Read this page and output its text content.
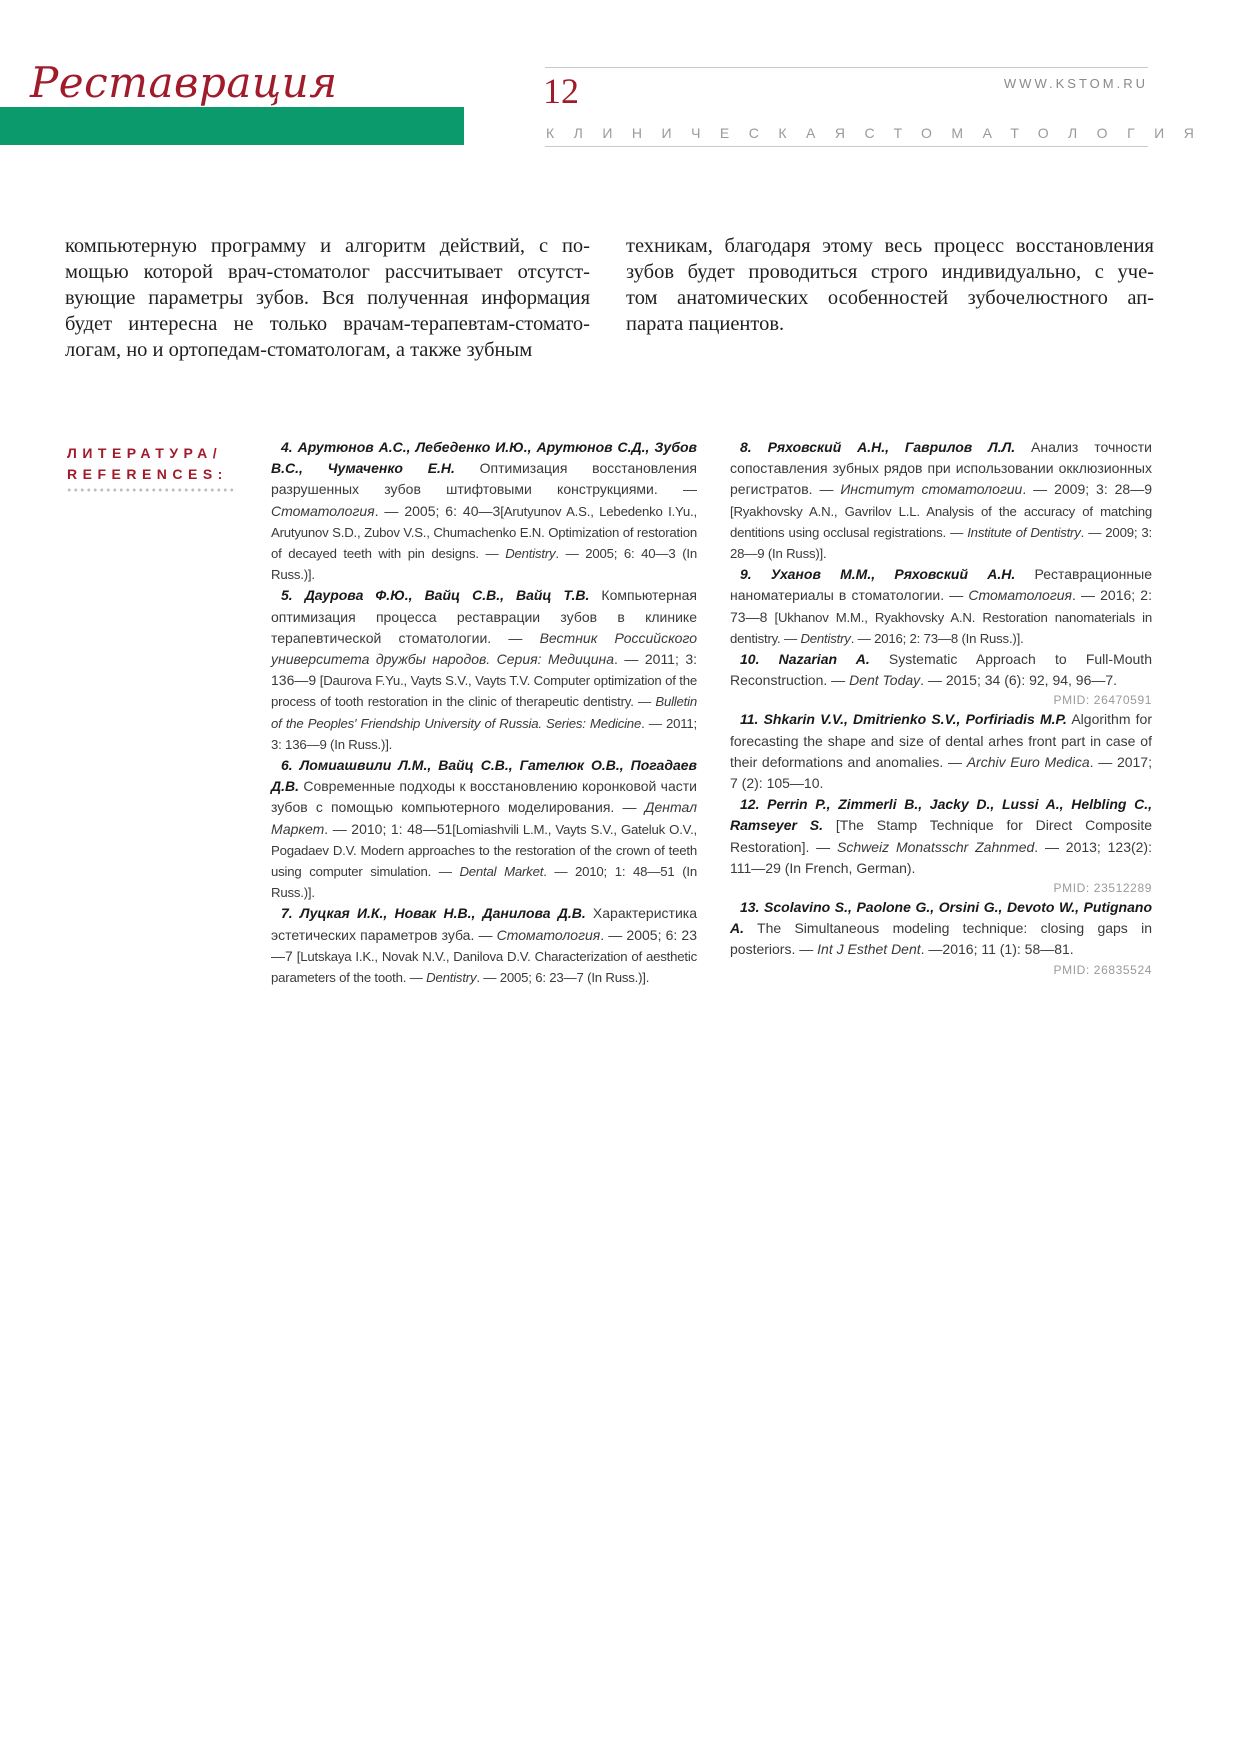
Реставрация	12	WWW.KSTOM.RU
КЛИНИЧЕСКАЯ СТОМАТОЛОГИЯ
компьютерную программу и алгоритм действий, с по-
мощью которой врач-стоматолог рассчитывает отсутст-
вующие параметры зубов. Вся полученная информация
будет интересна не только врачам-терапевтам-стомато-
логам, но и ортопедам-стоматологам, а также зубным
техникам, благодаря этому весь процесс восстановления
зубов будет проводиться строго индивидуально, с уче-
том анатомических особенностей зубочелюстного ап-
парата пациентов.
ЛИТЕРАТУРА/
REFERENCES:

4. Арутюнов А.С., Лебеденко И.Ю., Арутюнов С.Д., Зубов В.С., Чумаченко Е.Н. Оптимизация восстановления разрушенных зубов штифтовыми конструкциями. — Стоматология. — 2005; 6: 40—3[Arutyunov A.S., Lebedenko I.Yu., Arutyunov S.D., Zubov V.S., Chumachenko E.N. Optimization of restoration of decayed teeth with pin designs. — Dentistry. — 2005; 6: 40—3 (In Russ.)].

5. Даурова Ф.Ю., Вайц С.В., Вайц Т.В. Компьютерная оптимизация процесса реставрации зубов в клинике терапевтической стоматологии. — Вестник Российского университета дружбы народов. Серия: Медицина. — 2011; 3: 136—9 [Daurova F.Yu., Vayts S.V., Vayts T.V. Computer optimization of the process of tooth restoration in the clinic of therapeutic dentistry. — Bulletin of the Peoples' Friendship University of Russia. Series: Medicine. — 2011; 3: 136—9 (In Russ.)].

6. Ломиашвили Л.М., Вайц С.В., Гателюк О.В., Погадаев Д.В. Современные подходы к восстановлению коронковой части зубов с помощью компьютерного моделирования. — Дентал Маркет. — 2010; 1: 48—51[Lomiashvili L.M., Vayts S.V., Gateluk O.V., Pogadaev D.V. Modern approaches to the restoration of the crown of teeth using computer simulation. — Dental Market. — 2010; 1: 48—51 (In Russ.)].

7. Луцкая И.К., Новак Н.В., Данилова Д.В. Характеристика эстетических параметров зуба. — Стоматология. — 2005; 6: 23—7 [Lutskaya I.K., Novak N.V., Danilova D.V. Characterization of aesthetic parameters of the tooth. — Dentistry. — 2005; 6: 23—7 (In Russ.)].

8. Ряховский А.Н., Гаврилов Л.Л. Анализ точности сопоставления зубных рядов при использовании окклюзионных регистратов. — Институт стоматологии. — 2009; 3: 28—9 [Ryakhovsky A.N., Gavrilov L.L. Analysis of the accuracy of matching dentitions using occlusal registrations. — Institute of Dentistry. — 2009; 3: 28—9 (In Russ)].

9. Уханов М.М., Ряховский А.Н. Реставрационные наноматериалы в стоматологии. — Стоматология. — 2016; 2: 73—8 [Ukhanov M.M., Ryakhovsky A.N. Restoration nanomaterials in dentistry. — Dentistry. — 2016; 2: 73—8 (In Russ.)].

10. Nazarian A. Systematic Approach to Full-Mouth Reconstruction. — Dent Today. — 2015; 34 (6): 92, 94, 96—7.

PMID: 26470591

11. Shkarin V.V., Dmitrienko S.V., Porfiriadis M.P. Algorithm for forecasting the shape and size of dental arhes front part in case of their deformations and anomalies. — Archiv Euro Medica. — 2017; 7 (2): 105—10.

12. Perrin P., Zimmerli B., Jacky D., Lussi A., Helbling C., Ramseyer S. [The Stamp Technique for Direct Composite Restoration]. — Schweiz Monatsschr Zahnmed. — 2013; 123(2): 111—29 (In French, German).

PMID: 23512289

13. Scolavino S., Paolone G., Orsini G., Devoto W., Putignano A. The Simultaneous modeling technique: closing gaps in posteriors. — Int J Esthet Dent. —2016; 11 (1): 58—81.

PMID: 26835524
